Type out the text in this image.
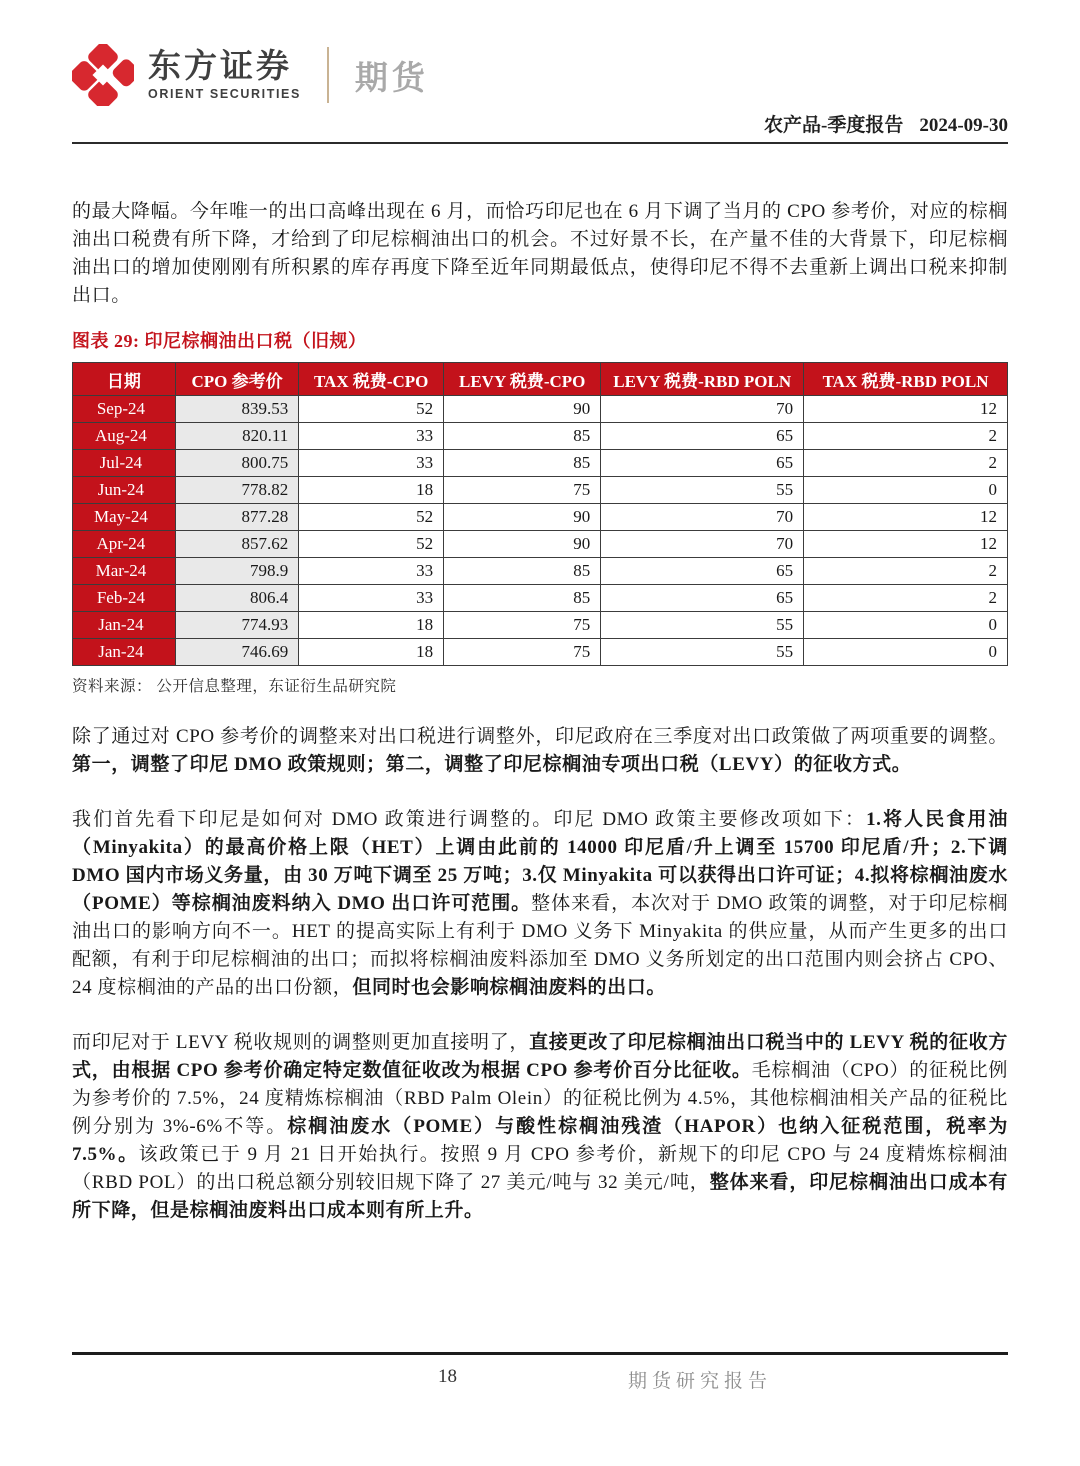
东方证券
ORIENT SECURITIES 期货
农产品-季度报告 2024-09-30

的最大降幅。今年唯一的出口高峰出现在 6 月，而恰巧印尼也在 6 月下调了当月的 CPO 参考价，对应的棕榈油出口税费有所下降，才给到了印尼棕榈油出口的机会。不过好景不长，在产量不佳的大背景下，印尼棕榈油出口的增加使刚刚有所积累的库存再度下降至近年同期最低点，使得印尼不得不去重新上调出口税来抑制出口。

图表 29: 印尼棕榈油出口税（旧规）
日期	CPO 参考价	TAX 税费-CPO	LEVY 税费-CPO	LEVY 税费-RBD POLN	TAX 税费-RBD POLN
Sep-24	839.53	52	90	70	12
Aug-24	820.11	33	85	65	2
Jul-24	800.75	33	85	65	2
Jun-24	778.82	18	75	55	0
May-24	877.28	52	90	70	12
Apr-24	857.62	52	90	70	12
Mar-24	798.9	33	85	65	2
Feb-24	806.4	33	85	65	2
Jan-24	774.93	18	75	55	0
Jan-24	746.69	18	75	55	0
资料来源： 公开信息整理，东证衍生品研究院

除了通过对 CPO 参考价的调整来对出口税进行调整外，印尼政府在三季度对出口政策做了两项重要的调整。第一，调整了印尼 DMO 政策规则；第二，调整了印尼棕榈油专项出口税（LEVY）的征收方式。

我们首先看下印尼是如何对 DMO 政策进行调整的。印尼 DMO 政策主要修改项如下：1.将人民食用油（Minyakita）的最高价格上限（HET）上调由此前的 14000 印尼盾/升上调至 15700 印尼盾/升；2.下调 DMO 国内市场义务量，由 30 万吨下调至 25 万吨；3.仅 Minyakita 可以获得出口许可证；4.拟将棕榈油废水（POME）等棕榈油废料纳入 DMO 出口许可范围。整体来看，本次对于 DMO 政策的调整，对于印尼棕榈油出口的影响方向不一。HET 的提高实际上有利于 DMO 义务下 Minyakita 的供应量，从而产生更多的出口配额，有利于印尼棕榈油的出口；而拟将棕榈油废料添加至 DMO 义务所划定的出口范围内则会挤占 CPO、24 度棕榈油的产品的出口份额，但同时也会影响棕榈油废料的出口。

而印尼对于 LEVY 税收规则的调整则更加直接明了，直接更改了印尼棕榈油出口税当中的 LEVY 税的征收方式，由根据 CPO 参考价确定特定数值征收改为根据 CPO 参考价百分比征收。毛棕榈油（CPO）的征税比例为参考价的 7.5%，24 度精炼棕榈油（RBD Palm Olein）的征税比例为 4.5%，其他棕榈油相关产品的征税比例分别为 3%-6%不等。棕榈油废水（POME）与酸性棕榈油残渣（HAPOR）也纳入征税范围，税率为 7.5%。该政策已于 9 月 21 日开始执行。按照 9 月 CPO 参考价，新规下的印尼 CPO 与 24 度精炼棕榈油（RBD POL）的出口税总额分别较旧规下降了 27 美元/吨与 32 美元/吨，整体来看，印尼棕榈油出口成本有所下降，但是棕榈油废料出口成本则有所上升。

18	期货研究报告
